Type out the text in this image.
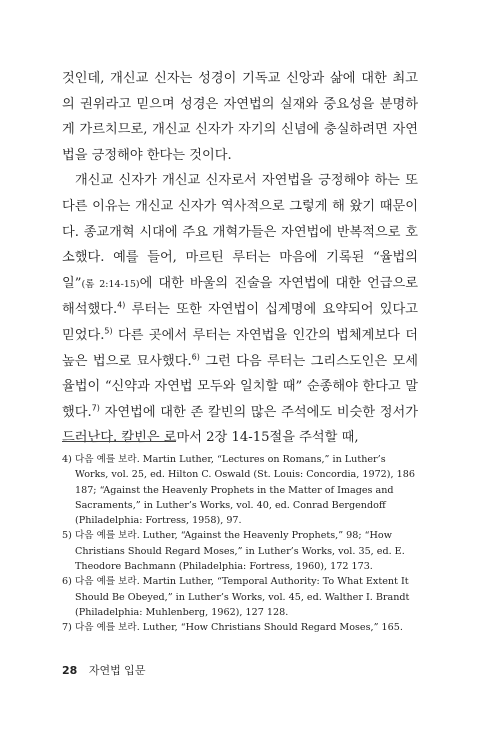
것인데, 개신교 신자는 성경이 기독교 신앙과 삶에 대한 최고의 권위라고 믿으며 성경은 자연법의 실재와 중요성을 분명하게 가르치므로, 개신교 신자가 자기의 신념에 충실하려면 자연법을 긍정해야 한다는 것이다.

개신교 신자가 개신교 신자로서 자연법을 긍정해야 하는 또 다른 이유는 개신교 신자가 역사적으로 그렇게 해 왔기 때문이다. 종교개혁 시대에 주요 개혁가들은 자연법에 반복적으로 호소했다. 예를 들어, 마르틴 루터는 마음에 기록된 “율법의 일”(롬 2:14-15)에 대한 바울의 진술을 자연법에 대한 언급으로 해석했다.$^{4)}$ 루터는 또한 자연법이 십계명에 요약되어 있다고 믿었다.$^{5)}$ 다른 곳에서 루터는 자연법을 인간의 법체계보다 더 높은 법으로 묘사했다.$^{6)}$ 그런 다음 루터는 그리스도인은 모세 율법이 “신약과 자연법 모두와 일치할 때” 순종해야 한다고 말했다.$^{7)}$ 자연법에 대한 존 칼빈의 많은 주석에도 비슷한 정서가 드러난다. 칼빈은 로마서 2장 14-15절을 주석할 때,

4) 다음 예를 보라. Martin Luther, “Lectures on Romans,” in Luther’s Works, vol. 25, ed. Hilton C. Oswald (St. Louis: Concordia, 1972), 186 187; “Against the Heavenly Prophets in the Matter of Images and Sacraments,” in Luther’s Works, vol. 40, ed. Conrad Bergendoff (Philadelphia: Fortress, 1958), 97.
5) 다음 예를 보라. Luther, “Against the Heavenly Prophets,” 98; “How Christians Should Regard Moses,” in Luther’s Works, vol. 35, ed. E. Theodore Bachmann (Philadelphia: Fortress, 1960), 172 173.
6) 다음 예를 보라. Martin Luther, “Temporal Authority: To What Extent It Should Be Obeyed,” in Luther’s Works, vol. 45, ed. Walther I. Brandt (Philadelphia: Muhlenberg, 1962), 127 128.
7) 다음 예를 보라. Luther, “How Christians Should Regard Moses,” 165.
28 자연법 입문
